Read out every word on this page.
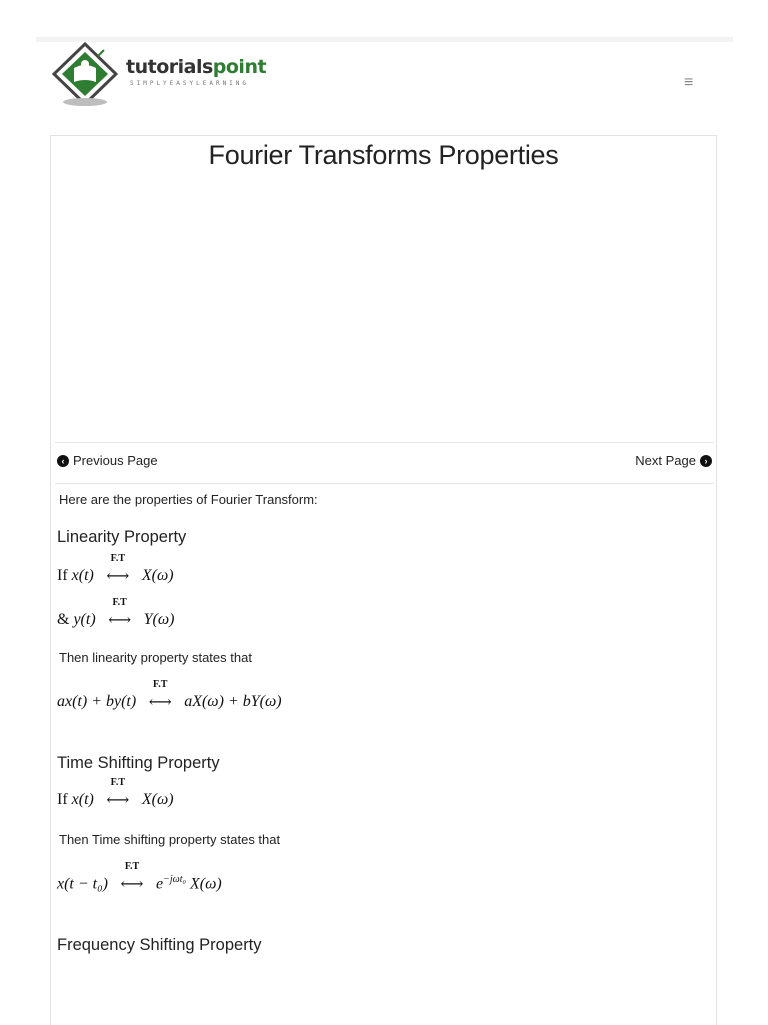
tutorialspoint
SIMPLYEASYLEARNING	≡
Fourier Transforms Properties
‹ Previous Page	Next Page ›
Here are the properties of Fourier Transform:
Linearity Property
If x(t)
F.T
⟷ X(ω)
& y(t)
F.T
⟷ Y(ω)
Then linearity property states that
ax(t) + by(t)
F.T
⟷ aX(ω) + bY(ω)
Time Shifting Property
If x(t)
F.T
⟷ X(ω)
Then Time shifting property states that
x(t − t₀)
F.T
⟷ $e^{-j\omega t_0}$ X(ω)
Frequency Shifting Property
